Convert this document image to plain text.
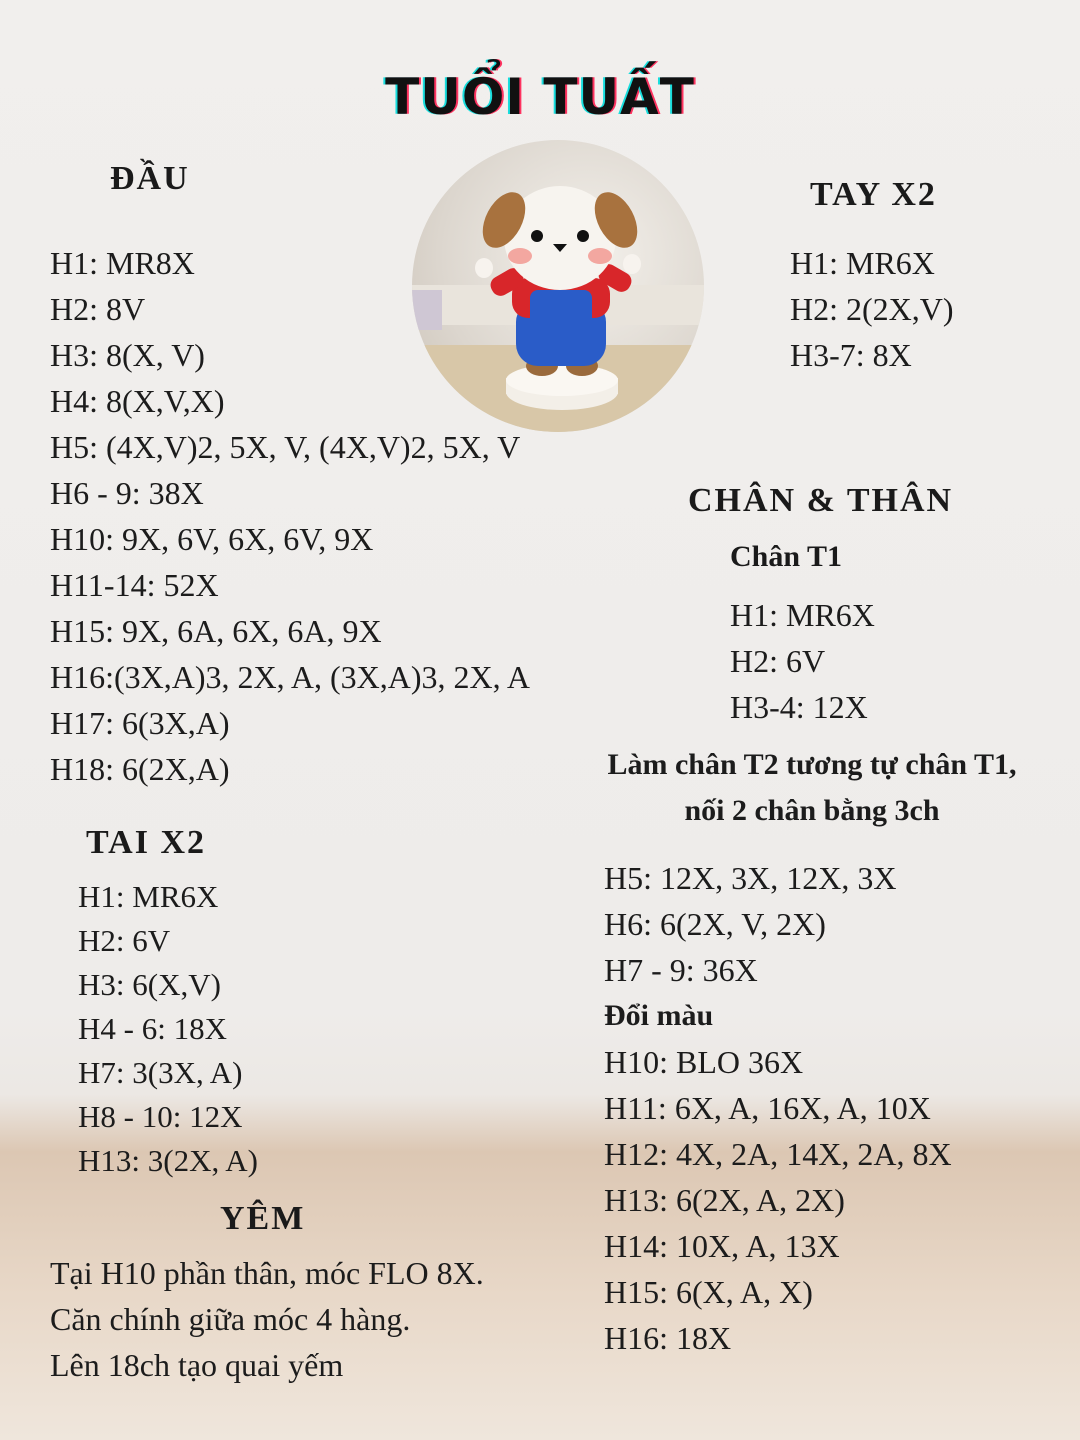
TUỔI TUẤT
ĐẦU
H1: MR8X
H2: 8V
H3: 8(X, V)
H4: 8(X,V,X)
H5: (4X,V)2, 5X, V, (4X,V)2, 5X, V
H6 - 9: 38X
H10: 9X, 6V, 6X, 6V, 9X
H11-14: 52X
H15: 9X, 6A, 6X, 6A, 9X
H16:(3X,A)3, 2X, A, (3X,A)3, 2X, A
H17: 6(3X,A)
H18: 6(2X,A)
TAI X2
H1: MR6X
H2: 6V
H3: 6(X,V)
H4 - 6: 18X
H7: 3(3X, A)
H8 - 10: 12X
H13: 3(2X, A)
YÊM
Tại H10 phần thân, móc FLO 8X.
Căn chính giữa móc 4 hàng.
Lên 18ch tạo quai yếm
TAY X2
H1: MR6X
H2: 2(2X,V)
H3-7: 8X
CHÂN & THÂN
Chân T1
H1: MR6X
H2: 6V
H3-4: 12X
Làm chân T2 tương tự chân T1,
nối 2 chân bằng 3ch
H5: 12X, 3X, 12X, 3X
H6: 6(2X, V, 2X)
H7 - 9: 36X
Đổi màu
H10: BLO 36X
H11: 6X, A, 16X, A, 10X
H12: 4X, 2A, 14X, 2A, 8X
H13: 6(2X, A, 2X)
H14: 10X, A, 13X
H15: 6(X, A, X)
H16: 18X
